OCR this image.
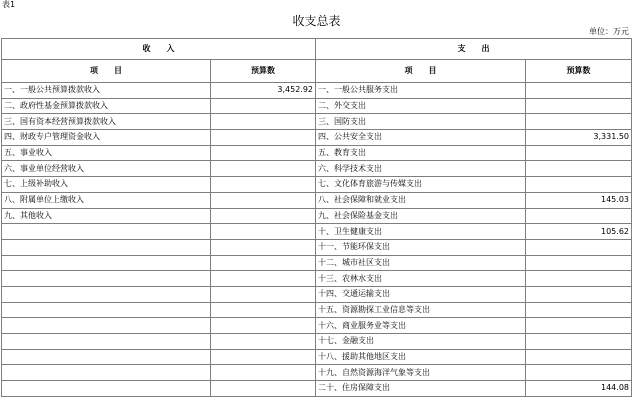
表1
收支总表
单位：万元
收　　入		支　　出	
项　　目	预算数	项　　目	预算数
一、一般公共预算拨款收入	3,452.92	一、一般公共服务支出	
二、政府性基金预算拨款收入		二、外交支出	
三、国有资本经营预算拨款收入		三、国防支出	
四、财政专户管理资金收入		四、公共安全支出	3,331.50
五、事业收入		五、教育支出	
六、事业单位经营收入		六、科学技术支出	
七、上级补助收入		七、文化体育旅游与传媒支出	
八、附属单位上缴收入		八、社会保障和就业支出	145.03
九、其他收入		九、社会保险基金支出	
		十、卫生健康支出	105.62
		十一、节能环保支出	
		十二、城市社区支出	
		十三、农林水支出	
		十四、交通运输支出	
		十五、资源勘探工业信息等支出	
		十六、商业服务业等支出	
		十七、金融支出	
		十八、援助其他地区支出	
		十九、自然资源海洋气象等支出	
		二十、住房保障支出	144.08
